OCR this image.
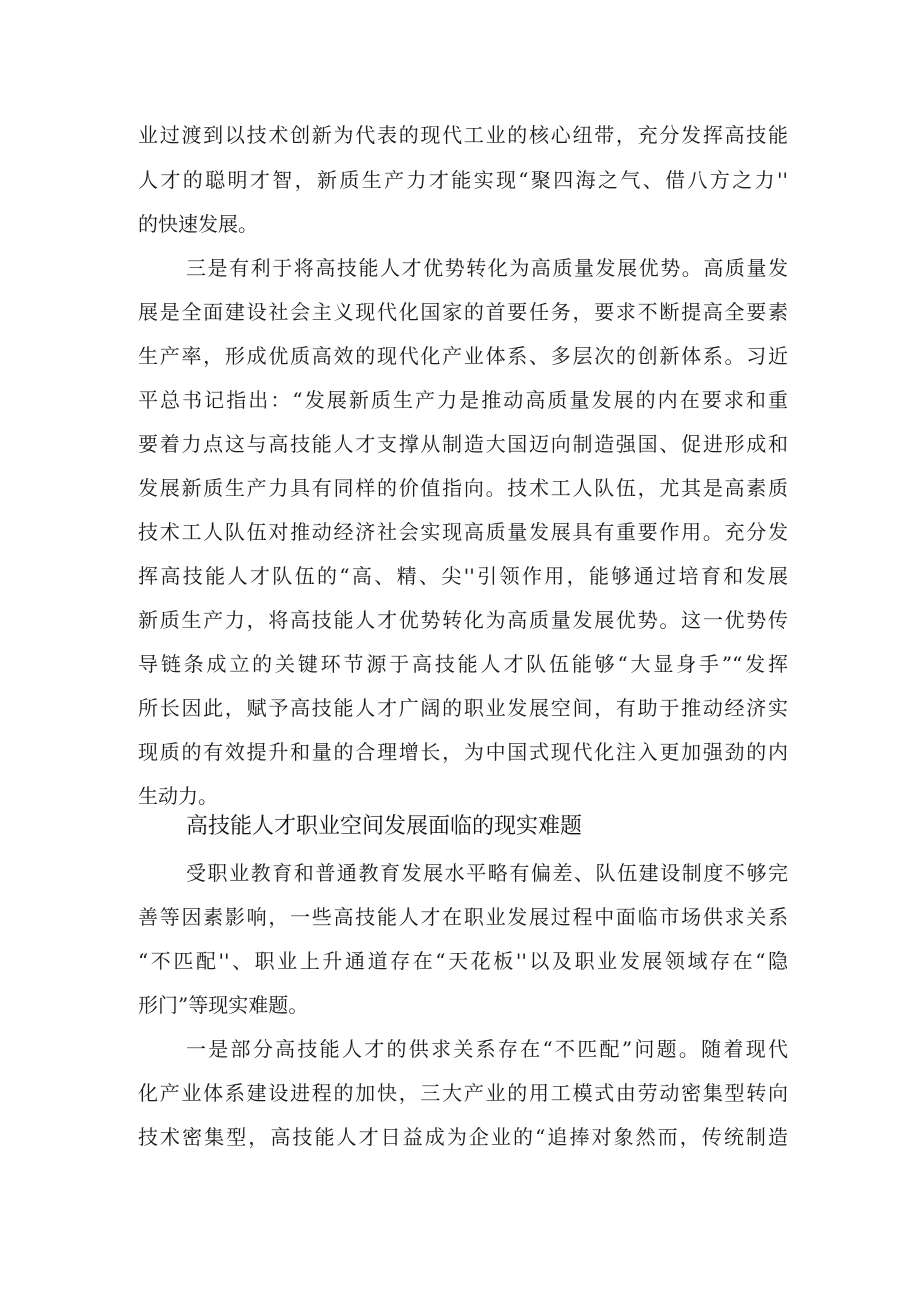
业过渡到以技术创新为代表的现代工业的核心纽带，充分发挥高技能
人才的聪明才智，新质生产力才能实现“聚四海之气、借八方之力''
的快速发展。
三是有利于将高技能人才优势转化为高质量发展优势。高质量发
展是全面建设社会主义现代化国家的首要任务，要求不断提高全要素
生产率，形成优质高效的现代化产业体系、多层次的创新体系。习近
平总书记指出：“发展新质生产力是推动高质量发展的内在要求和重
要着力点这与高技能人才支撑从制造大国迈向制造强国、促进形成和
发展新质生产力具有同样的价值指向。技术工人队伍，尤其是高素质
技术工人队伍对推动经济社会实现高质量发展具有重要作用。充分发
挥高技能人才队伍的“高、精、尖''引领作用，能够通过培育和发展
新质生产力，将高技能人才优势转化为高质量发展优势。这一优势传
导链条成立的关键环节源于高技能人才队伍能够“大显身手”“发挥
所长因此，赋予高技能人才广阔的职业发展空间，有助于推动经济实
现质的有效提升和量的合理增长，为中国式现代化注入更加强劲的内
生动力。
高技能人才职业空间发展面临的现实难题
受职业教育和普通教育发展水平略有偏差、队伍建设制度不够完
善等因素影响，一些高技能人才在职业发展过程中面临市场供求关系
“不匹配''、职业上升通道存在“天花板''以及职业发展领域存在“隐
形门”等现实难题。
一是部分高技能人才的供求关系存在“不匹配”问题。随着现代
化产业体系建设进程的加快，三大产业的用工模式由劳动密集型转向
技术密集型，高技能人才日益成为企业的“追捧对象然而，传统制造
